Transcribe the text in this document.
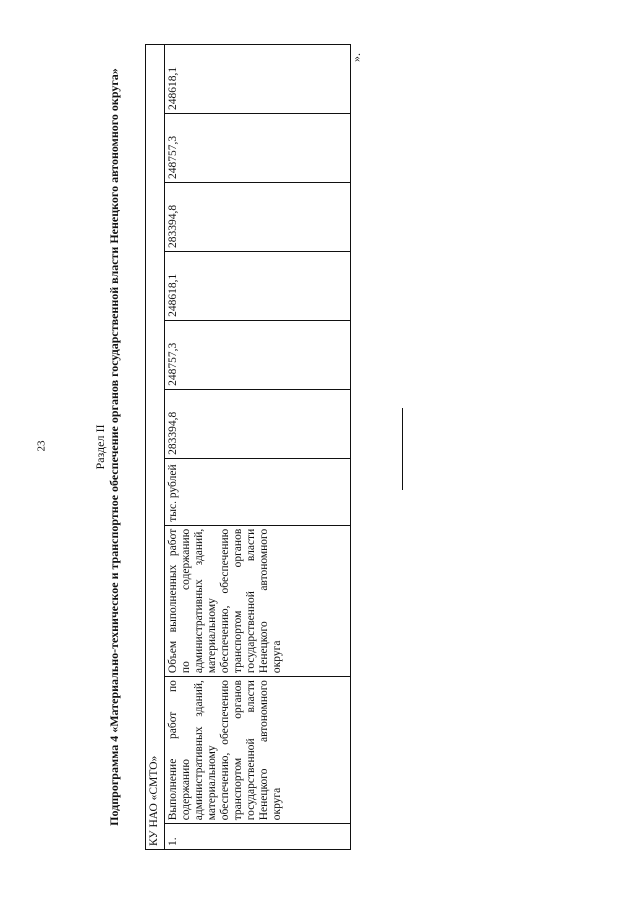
23
».
Раздел II Подпрограмма 4 «Материально-техническое и транспортное обеспечение органов государственной власти Ненецкого автономного округа» КУ НАО «СМТО»
1.	Выполнение работ по содержанию административных зданий, материальному обеспечению, обеспечению транспортом органов государственной власти Ненецкого автономного округа	Объем выполненных работ по содержанию административных зданий, материальному обеспечению, обеспечению транспортом органов государственной власти Ненецкого автономного округа	тыс. рублей	283394,8	248757,3	248618,1	283394,8	248757,3	248618,1
